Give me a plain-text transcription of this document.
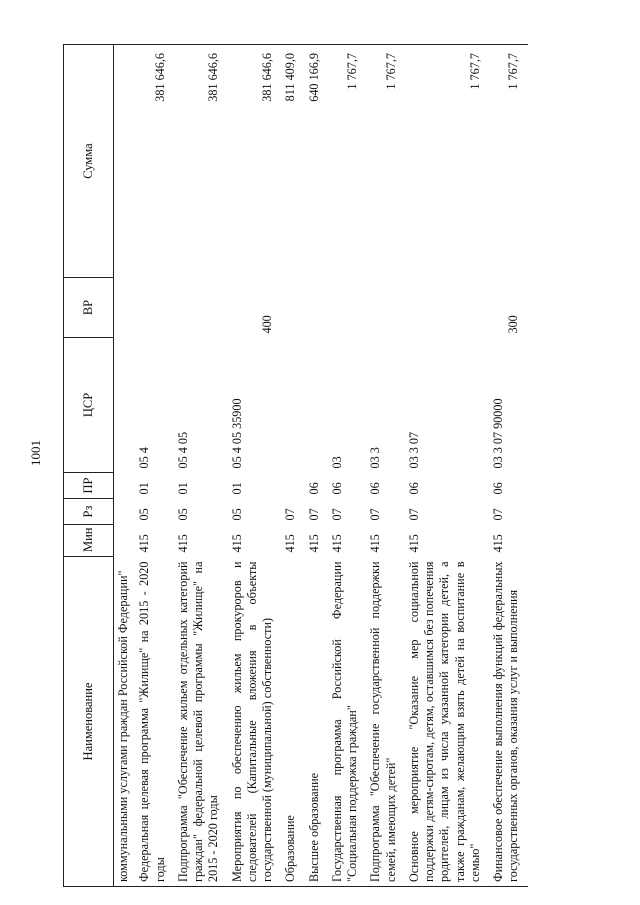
1001
Наименование	Мин	Рз	ПР	ЦСР	ВР	Сумма
коммунальными услугами граждан Российской Федерации"						
Федеральная целевая программа "Жилище" на 2015 - 2020 годы	415	05	01	05 4		381 646,6
Подпрограмма "Обеспечение жильем отдельных категорий граждан" федеральной целевой программы "Жилище" на 2015 - 2020 годы	415	05	01	05 4 05		381 646,6
Мероприятия по обеспечению жильем прокуроров и следователей (Капитальные вложения в объекты государственной (муниципальной) собственности)	415	05	01	05 4 05 35900	400	381 646,6
Образование	415	07				811 409,0
Высшее образование	415	07	06			640 166,9
Государственная программа Российской Федерации "Социальная поддержка граждан"	415	07	06	03		1 767,7
Подпрограмма "Обеспечение государственной поддержки семей, имеющих детей"	415	07	06	03 3		1 767,7
Основное мероприятие "Оказание мер социальной поддержки детям-сиротам, детям, оставшимся без попечения родителей, лицам из числа указанной категории детей, а также гражданам, желающим взять детей на воспитание в семью"	415	07	06	03 3 07		1 767,7
Финансовое обеспечение выполнения функций федеральных государственных органов, оказания услуг и выполнения	415	07	06	03 3 07 90000	300	1 767,7
